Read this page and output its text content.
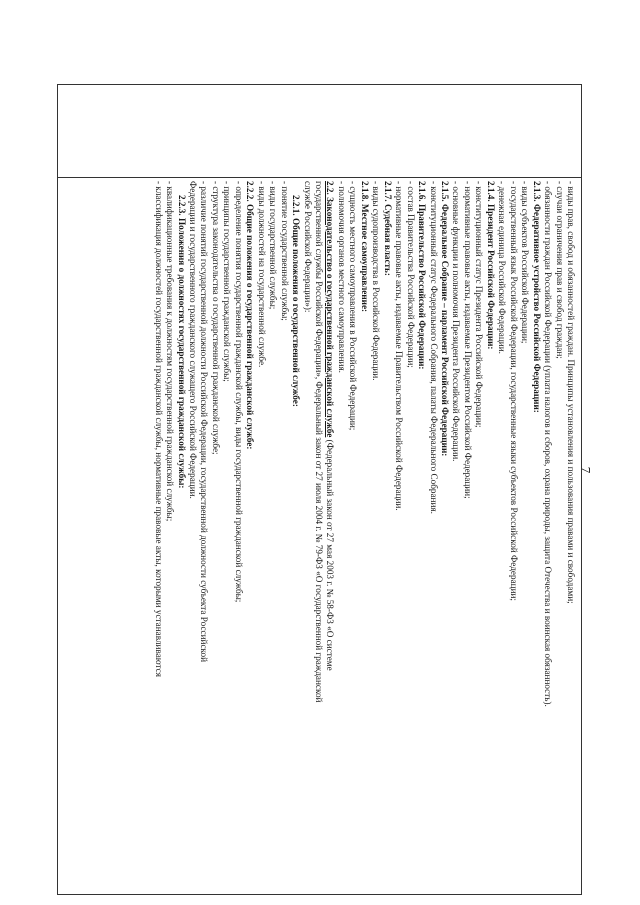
7
- виды прав, свобод и обязанностей граждан. Принципы установления и пользования правами и свободами;
- случаи ограничения прав и свобод граждан;
- обязанности граждан Российской Федерации (уплата налогов и сборов, охрана природы, защита Отечества и воинская обязанность).
2.1.3. Федеративное устройство Российской Федерации:
- виды субъектов Российской Федерации;
- государственный язык Российской Федерации, государственные языки субъектов Российской Федерации;
- денежная единица Российской Федерации.
2.1.4. Президент Российской Федерации:
- конституционный статус Президента Российской Федерации;
- нормативные правовые акты, издаваемые Президентом Российской Федерации;
- основные функции и полномочия Президента Российской Федерации.
2.1.5. Федеральное Собрание – парламент Российской Федерации:
- конституционный статус Федерального Собрания, палаты Федерального Собрания.
2.1.6. Правительство Российской Федерации:
- состав Правительства Российской Федерации;
- нормативные правовые акты, издаваемые Правительством Российской Федерации.
2.1.7. Судебная власть:
- виды судопроизводства в Российской Федерации.
2.1.8. Местное самоуправление:
- сущность местного самоуправления в Российской Федерации;
- полномочия органов местного самоуправления.
2.2. Законодательство о государственной гражданской службе (Федеральный закон от 27 мая 2003 г. № 58-ФЗ «О системе
государственной службы Российской Федерации», Федеральный закон от 27 июля 2004 г. № 79-ФЗ «О государственной гражданской
службе Российской Федерации»):
2.2.1. Общие положения о государственной службе:
- понятие государственной службы;
- виды государственной службы;
- виды должностей на государственной службе.
2.2.2. Общие положения о государственной гражданской службе:
- определение понятия государственной гражданской службы, виды государственной гражданской службы;
- принципы государственной гражданской службы;
- структура законодательства о государственной гражданской службе;
- различие понятий государственной должности Российской Федерации, государственной должности субъекта Российской
Федерации и государственного гражданского служащего Российской Федерации.
2.2.3. Положения о должностях государственной гражданской службы:
- квалификационные требования к должностям государственной гражданской службы;
- классификация должностей государственной гражданской службы, нормативные правовые акты, которыми устанавливаются
